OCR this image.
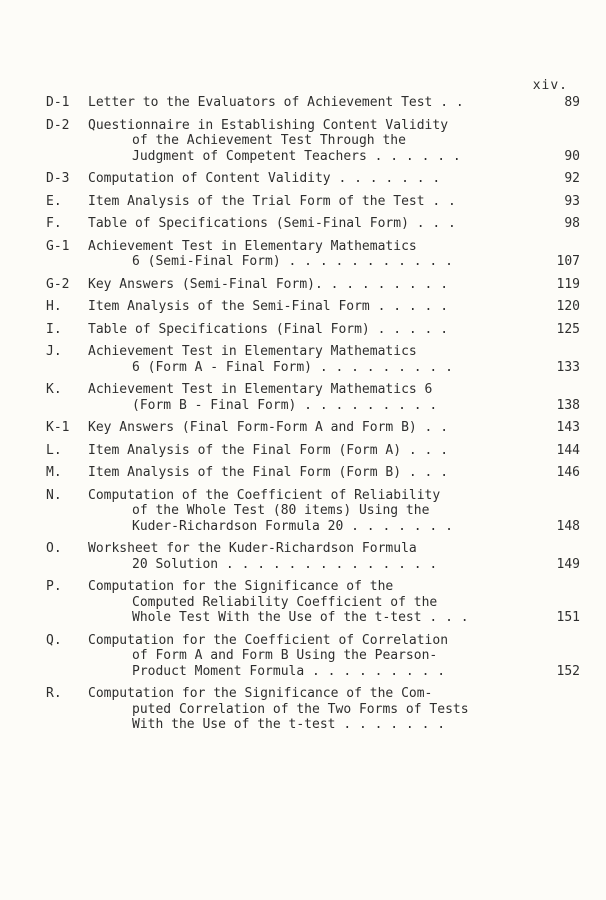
xiv.
D-1	Letter to the Evaluators of Achievement Test . .	89
D-2	Questionnaire in Establishing Content Validity
of the Achievement Test Through the
Judgment of Competent Teachers . . . . . .	90
D-3	Computation of Content Validity . . . . . . .	92
E.	Item Analysis of the Trial Form of the Test . .	93
F.	Table of Specifications (Semi-Final Form) . . .	98
G-1	Achievement Test in Elementary Mathematics
6 (Semi-Final Form) . . . . . . . . . . .	107
G-2	Key Answers (Semi-Final Form). . . . . . . . .	119
H.	Item Analysis of the Semi-Final Form . . . . .	120
I.	Table of Specifications (Final Form) . . . . .	125
J.	Achievement Test in Elementary Mathematics
6 (Form A - Final Form) . . . . . . . . .	133
K.	Achievement Test in Elementary Mathematics 6
(Form B - Final Form) . . . . . . . . .	138
K-1	Key Answers (Final Form-Form A and Form B) . .	143
L.	Item Analysis of the Final Form (Form A) . . .	144
M.	Item Analysis of the Final Form (Form B) . . .	146
N.	Computation of the Coefficient of Reliability
of the Whole Test (80 items) Using the
Kuder-Richardson Formula 20 . . . . . . .	148
O.	Worksheet for the Kuder-Richardson Formula
20 Solution . . . . . . . . . . . . . .	149
P.	Computation for the Significance of the
Computed Reliability Coefficient of the
Whole Test With the Use of the t-test . . .	151
Q.	Computation for the Coefficient of Correlation
of Form A and Form B Using the Pearson-
Product Moment Formula . . . . . . . . .	152
R.	Computation for the Significance of the Com-
puted Correlation of the Two Forms of Tests
With the Use of the t-test . . . . . . .
